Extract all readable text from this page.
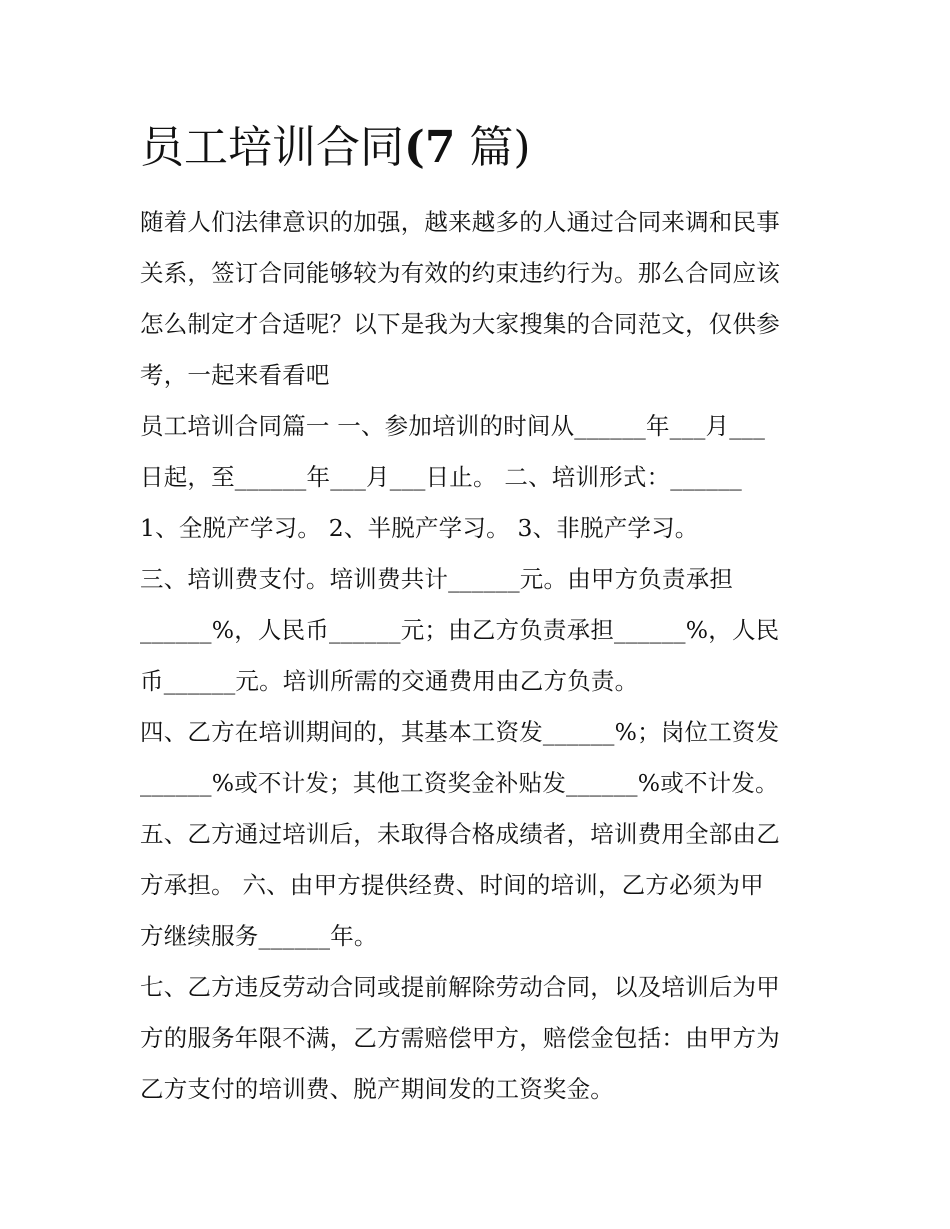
员工培训合同(7 篇)
随着人们法律意识的加强，越来越多的人通过合同来调和民事
关系，签订合同能够较为有效的约束违约行为。那么合同应该
怎么制定才合适呢？以下是我为大家搜集的合同范文，仅供参
考，一起来看看吧
员工培训合同篇一 一、参加培训的时间从______年___月___
日起，至______年___月___日止。 二、培训形式：______
1、全脱产学习。 2、半脱产学习。 3、非脱产学习。
三、培训费支付。培训费共计______元。由甲方负责承担
______%，人民币______元；由乙方负责承担______%，人民
币______元。培训所需的交通费用由乙方负责。
四、乙方在培训期间的，其基本工资发______%；岗位工资发
______%或不计发；其他工资奖金补贴发______%或不计发。
五、乙方通过培训后，未取得合格成绩者，培训费用全部由乙
方承担。 六、由甲方提供经费、时间的培训，乙方必须为甲
方继续服务______年。
七、乙方违反劳动合同或提前解除劳动合同，以及培训后为甲
方的服务年限不满，乙方需赔偿甲方，赔偿金包括：由甲方为
乙方支付的培训费、脱产期间发的工资奖金。
